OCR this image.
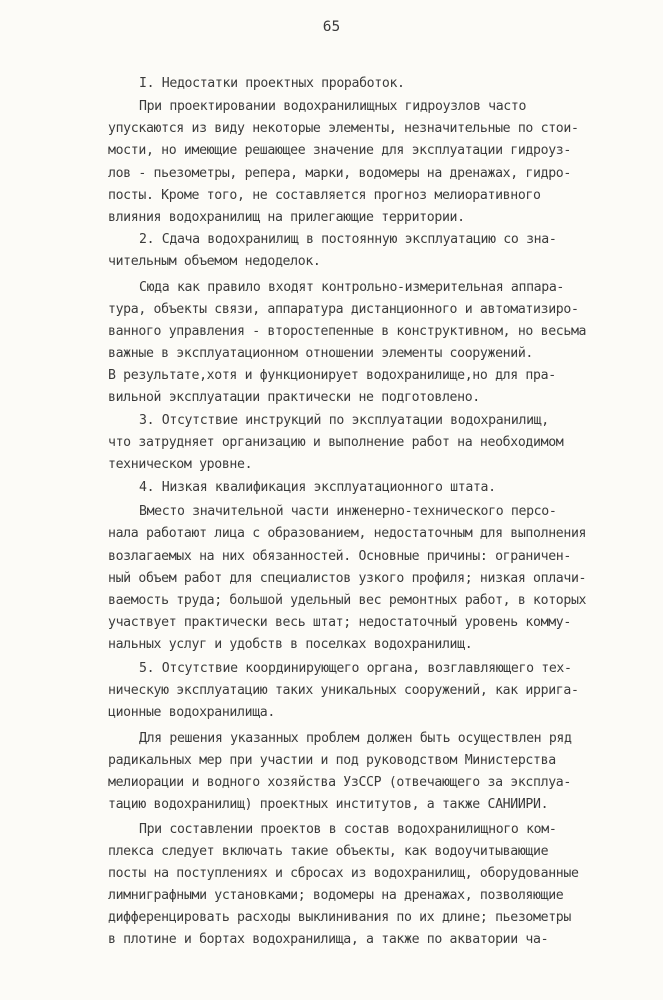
65
I. Недостатки проектных проработок.
При проектировании водохранилищных гидроузлов часто
упускаются из виду некоторые элементы, незначительные по стои-
мости, но имеющие решающее значение для эксплуатации гидроуз-
лов - пьезометры, репера, марки, водомеры на дренажах, гидро-
посты. Кроме того, не составляется прогноз мелиоративного
влияния водохранилищ на прилегающие территории.
2. Сдача водохранилищ в постоянную эксплуатацию со зна-
чительным объемом недоделок.
Сюда как правило входят контрольно-измерительная аппара-
тура, объекты связи, аппаратура дистанционного и автоматизиро-
ванного управления - второстепенные в конструктивном, но весьма
важные в эксплуатационном отношении элементы сооружений.
В результате,хотя и функционирует водохранилище,но для пра-
вильной эксплуатации практически не подготовлено.
3. Отсутствие инструкций по эксплуатации водохранилищ,
что затрудняет организацию и выполнение работ на необходимом
техническом уровне.
4. Низкая квалификация эксплуатационного штата.
Вместо значительной части инженерно-технического персо-
нала работают лица с образованием, недостаточным для выполнения
возлагаемых на них обязанностей. Основные причины: ограничен-
ный объем работ для специалистов узкого профиля; низкая оплачи-
ваемость труда; большой удельный вес ремонтных работ, в которых
участвует практически весь штат; недостаточный уровень комму-
нальных услуг и удобств в поселках водохранилищ.
5. Отсутствие координирующего органа, возглавляющего тех-
ническую эксплуатацию таких уникальных сооружений, как ирригa-
ционные водохранилища.
Для решения указанных проблем должен быть осуществлен ряд
радикальных мер при участии и под руководством Министерства
мелиорации и водного хозяйства УзССР (отвечающего за эксплуа-
тацию водохранилищ) проектных институтов, а также САНИИРИ.
При составлении проектов в состав водохранилищного ком-
плекса следует включать такие объекты, как водоучитывающие
посты на поступлениях и сбросах из водохранилищ, оборудованные
лимниграфными установками; водомеры на дренажах, позволяющие
дифференцировать расходы выклинивания по их длине; пьезометры
в плотине и бортах водохранилища, а также по акватории ча-
